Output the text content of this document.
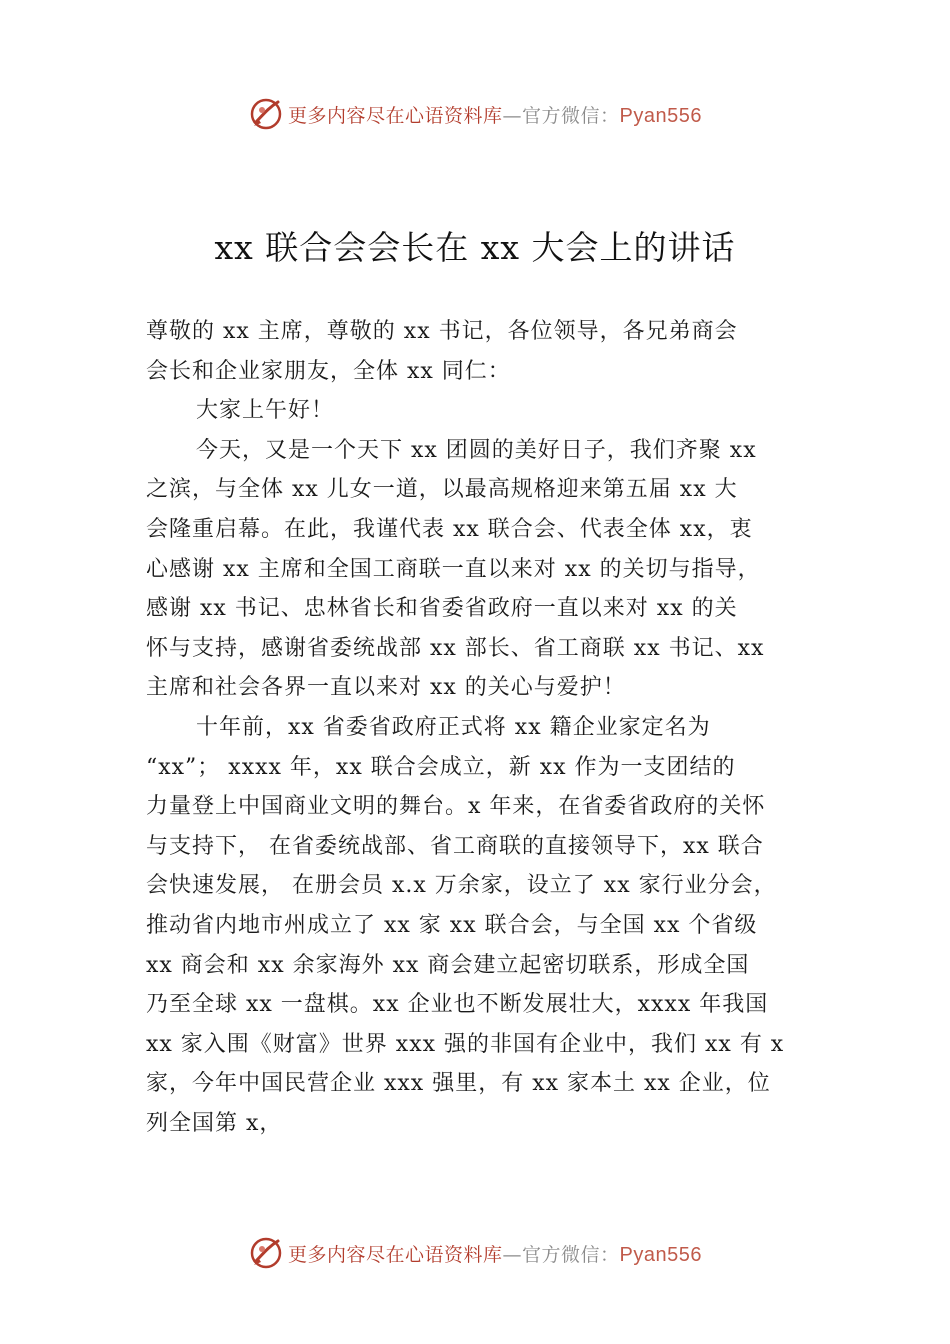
更多内容尽在心语资料库—官方微信：Pyan556
xx 联合会会长在 xx 大会上的讲话
尊敬的 xx 主席，尊敬的 xx 书记，各位领导，各兄弟商会
会长和企业家朋友，全体 xx 同仁：
大家上午好！
今天，又是一个天下 xx 团圆的美好日子，我们齐聚 xx
之滨，与全体 xx 儿女一道，以最高规格迎来第五届 xx 大
会隆重启幕。在此，我谨代表 xx 联合会、代表全体 xx，衷
心感谢 xx 主席和全国工商联一直以来对 xx 的关切与指导，
感谢 xx 书记、忠林省长和省委省政府一直以来对 xx 的关
怀与支持，感谢省委统战部 xx 部长、省工商联 xx 书记、xx
主席和社会各界一直以来对 xx 的关心与爱护！
十年前，xx 省委省政府正式将 xx 籍企业家定名为
“xx”； xxxx 年，xx 联合会成立，新 xx 作为一支团结的
力量登上中国商业文明的舞台。x 年来，在省委省政府的关怀
与支持下， 在省委统战部、省工商联的直接领导下，xx 联合
会快速发展， 在册会员 x.x 万余家，设立了 xx 家行业分会，
推动省内地市州成立了 xx 家 xx 联合会，与全国 xx 个省级
xx 商会和 xx 余家海外 xx 商会建立起密切联系，形成全国
乃至全球 xx 一盘棋。xx 企业也不断发展壮大，xxxx 年我国
xx 家入围《财富》世界 xxx 强的非国有企业中，我们 xx 有 x
家，今年中国民营企业 xxx 强里，有 xx 家本土 xx 企业，位
列全国第 x，
更多内容尽在心语资料库—官方微信：Pyan556
